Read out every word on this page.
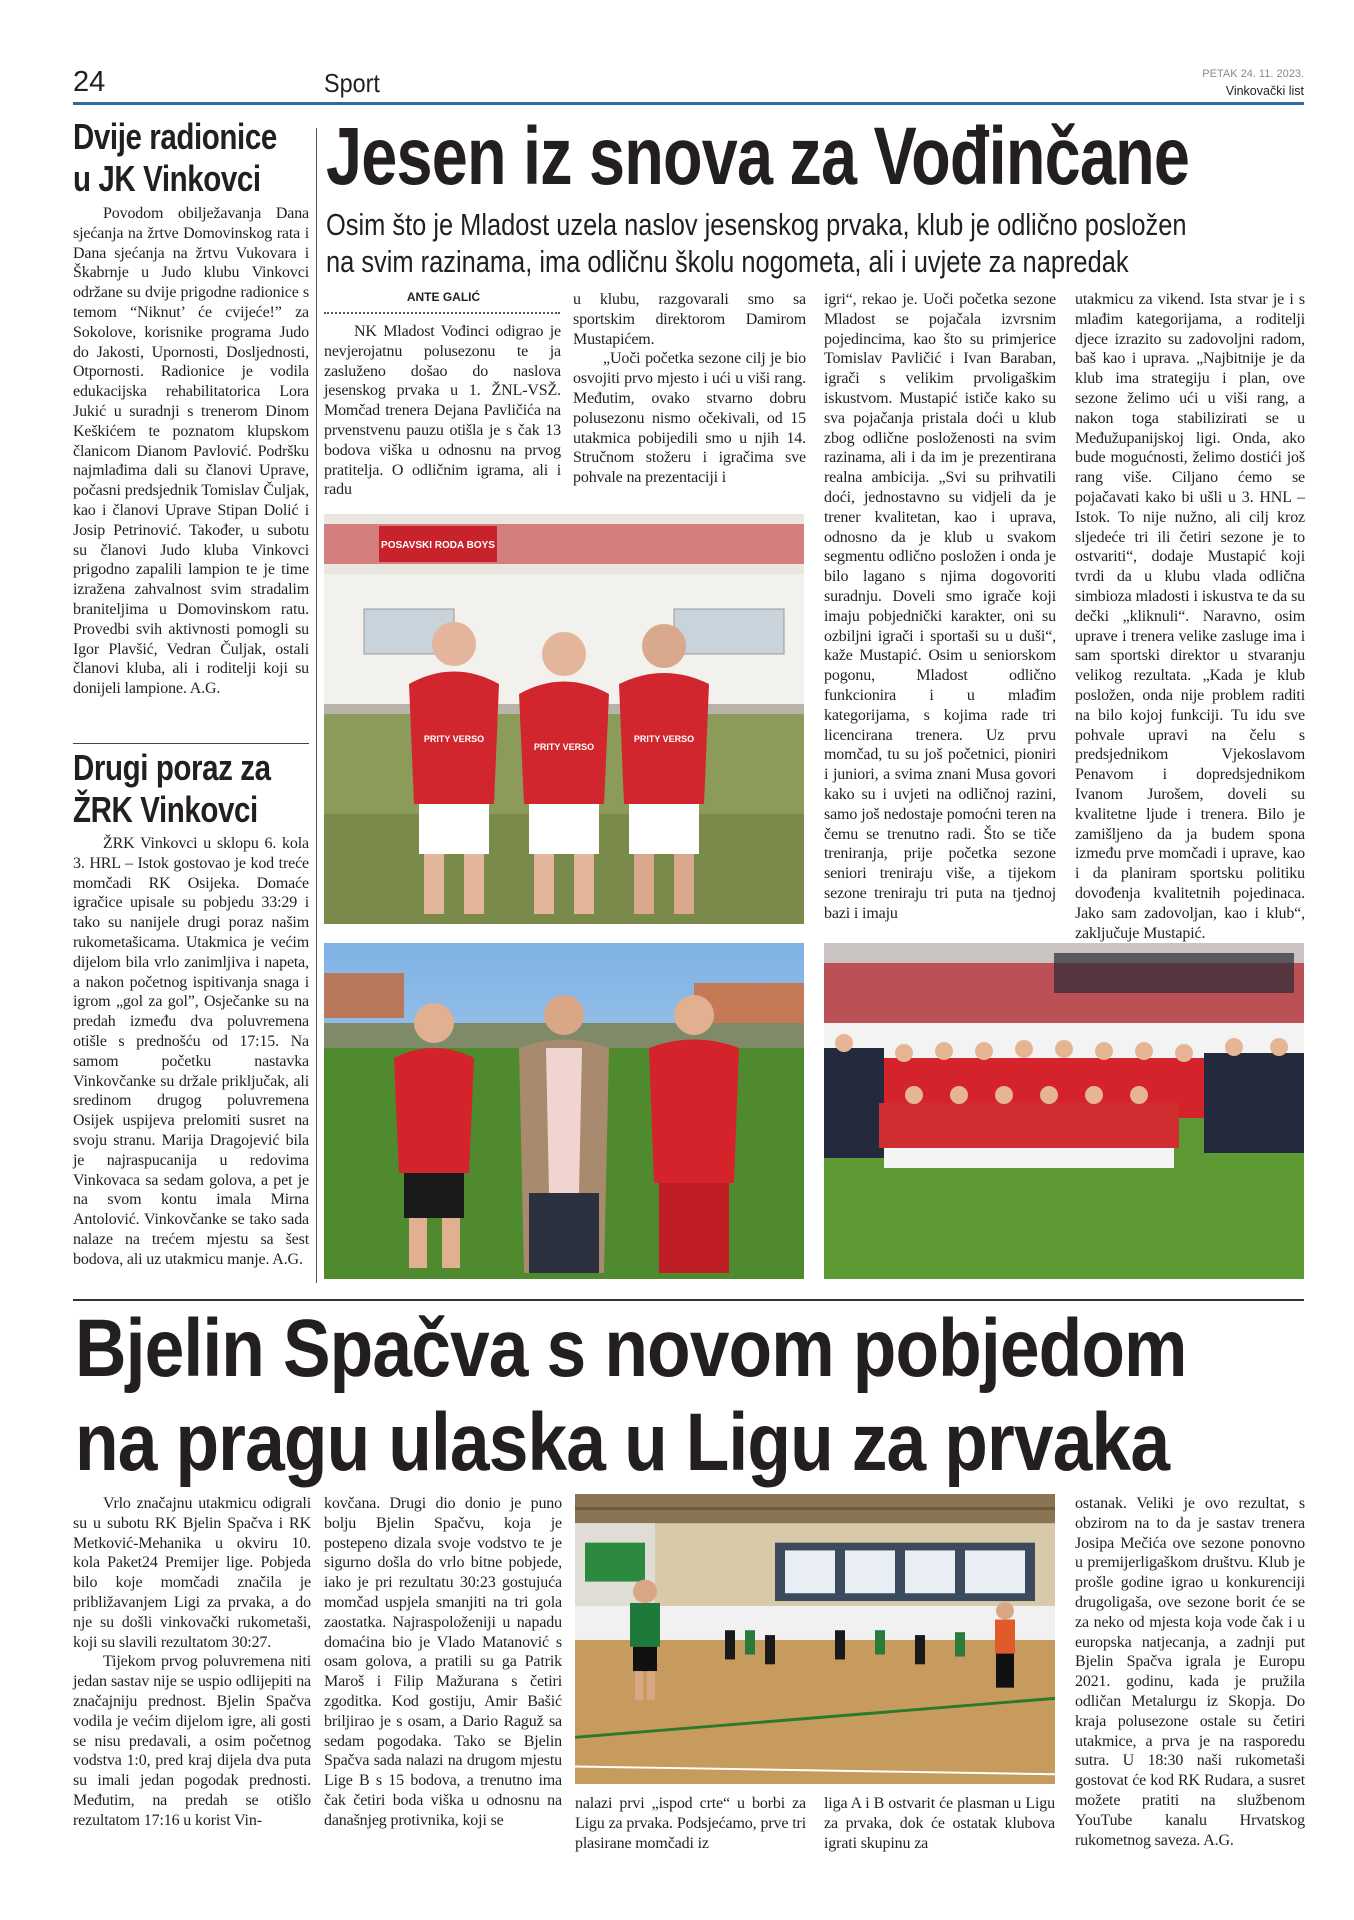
24	Sport	PETAK 24. 11. 2023.
Vinkovački list
Dvije radionice
u JK Vinkovci

Povodom obilježavanja Dana sjećanja na žrtve Domovinskog rata i Dana sjećanja na žrtvu Vukovara i Škabrnje u Judo klubu Vinkovci održane su dvije prigodne radionice s temom “Niknut’ će cvijeće!” za Sokolove, korisnike programa Judo do Jakosti, Upornosti, Dosljednosti, Otpornosti. Radionice je vodila edukacijska rehabilitatorica Lora Jukić u suradnji s trenerom Dinom Keškićem te poznatom klupskom članicom Dianom Pavlović. Podršku najmlađima dali su članovi Uprave, počasni predsjednik Tomislav Čuljak, kao i članovi Uprave Stipan Dolić i Josip Petrinović. Također, u subotu su članovi Judo kluba Vinkovci prigodno zapalili lampion te je time izražena zahvalnost svim stradalim braniteljima u Domovinskom ratu. Provedbi svih aktivnosti pomogli su Igor Plavšić, Vedran Čuljak, ostali članovi kluba, ali i roditelji koji su donijeli lampione. A.G.

Drugi poraz za
ŽRK Vinkovci

ŽRK Vinkovci u sklopu 6. kola 3. HRL – Istok gostovao je kod treće momčadi RK Osijeka. Domaće igračice upisale su pobjedu 33:29 i tako su nanijele drugi poraz našim rukometašicama. Utakmica je većim dijelom bila vrlo zanimljiva i napeta, a nakon početnog ispitivanja snaga i igrom „gol za gol”, Osječanke su na predah između dva poluvremena otišle s prednošću od 17:15. Na samom početku nastavka Vinkovčanke su držale priključak, ali sredinom drugog poluvremena Osijek uspijeva prelomiti susret na svoju stranu. Marija Dragojević bila je najraspucanija u redovima Vinkovaca sa sedam golova, a pet je na svom kontu imala Mirna Antolović. Vinkovčanke se tako sada nalaze na trećem mjestu sa šest bodova, ali uz utakmicu manje. A.G.

Jesen iz snova za Vođinčane
Osim što je Mladost uzela naslov jesenskog prvaka, klub je odlično posložen
na svim razinama, ima odličnu školu nogometa, ali i uvjete za napredak
ANTE GALIĆ

NK Mladost Vođinci odigrao je nevjerojatnu polusezonu te ja zasluženo došao do naslova jesenskog prvaka u 1. ŽNL-VSŽ. Momčad trenera Dejana Pavličića na prvenstvenu pauzu otišla je s čak 13 bodova viška u odnosnu na prvog pratitelja. O odličnim igrama, ali i radu

u klubu, razgovarali smo sa sportskim direktorom Damirom Mustapićem.

„Uoči početka sezone cilj je bio osvojiti prvo mjesto i ući u viši rang. Međutim, ovako stvarno dobru polusezonu nismo očekivali, od 15 utakmica pobijedili smo u njih 14. Stručnom stožeru i igračima sve pohvale na prezentaciji i

igri“, rekao je. Uoči početka sezone Mladost se pojačala izvrsnim pojedincima, kao što su primjerice Tomislav Pavličić i Ivan Baraban, igrači s velikim prvoligaškim iskustvom. Mustapić ističe kako su sva pojačanja pristala doći u klub zbog odlične posloženosti na svim razinama, ali i da im je prezentirana realna ambicija. „Svi su prihvatili doći, jednostavno su vidjeli da je trener kvalitetan, kao i uprava, odnosno da je klub u svakom segmentu odlično posložen i onda je bilo lagano s njima dogovoriti suradnju. Doveli smo igrače koji imaju pobjednički karakter, oni su ozbiljni igrači i sportaši su u duši“, kaže Mustapić. Osim u seniorskom pogonu, Mladost odlično funkcionira i u mlađim kategorijama, s kojima rade tri licencirana trenera. Uz prvu momčad, tu su još početnici, pioniri i juniori, a svima znani Musa govori kako su i uvjeti na odličnoj razini, samo još nedostaje pomoćni teren na čemu se trenutno radi. Što se tiče treniranja, prije početka sezone seniori treniraju više, a tijekom sezone treniraju tri puta na tjednoj bazi i imaju

utakmicu za vikend. Ista stvar je i s mlađim kategorijama, a roditelji djece izrazito su zadovoljni radom, baš kao i uprava. „Najbitnije je da klub ima strategiju i plan, ove sezone želimo ući u viši rang, a nakon toga stabilizirati se u Međužupanijskoj ligi. Onda, ako bude mogućnosti, želimo dostići još rang više. Ciljano ćemo se pojačavati kako bi ušli u 3. HNL – Istok. To nije nužno, ali cilj kroz sljedeće tri ili četiri sezone je to ostvariti“, dodaje Mustapić koji tvrdi da u klubu vlada odlična simbioza mladosti i iskustva te da su dečki „kliknuli“. Naravno, osim uprave i trenera velike zasluge ima i sam sportski direktor u stvaranju velikog rezultata. „Kada je klub posložen, onda nije problem raditi na bilo kojoj funkciji. Tu idu sve pohvale upravi na čelu s predsjednikom Vjekoslavom Penavom i dopredsjednikom Ivanom Jurošem, doveli su kvalitetne ljude i trenera. Bilo je zamišljeno da ja budem spona između prve momčadi i uprave, kao i da planiram sportsku politiku dovođenja kvalitetnih pojedinaca. Jako sam zadovoljan, kao i klub“, zaključuje Mustapić.

POSAVSKI RODA BOYS
PRITY VERSO
PRITY VERSO
PRITY VERSO
Bjelin Spačva s novom pobjedom
na pragu ulaska u Ligu za prvaka

Vrlo značajnu utakmicu odigrali su u subotu RK Bjelin Spačva i RK Metković-Mehanika u okviru 10. kola Paket24 Premijer lige. Pobjeda bilo koje momčadi značila je približavanjem Ligi za prvaka, a do nje su došli vinkovački rukometaši, koji su slavili rezultatom 30:27.

Tijekom prvog poluvremena niti jedan sastav nije se uspio odlijepiti na značajniju prednost. Bjelin Spačva vodila je većim dijelom igre, ali gosti se nisu predavali, a osim početnog vodstva 1:0, pred kraj dijela dva puta su imali jedan pogodak prednosti. Međutim, na predah se otišlo rezultatom 17:16 u korist Vin-

kovčana. Drugi dio donio je puno bolju Bjelin Spačvu, koja je postepeno dizala svoje vodstvo te je sigurno došla do vrlo bitne pobjede, iako je pri rezultatu 30:23 gostujuća momčad uspjela smanjiti na tri gola zaostatka. Najraspoloženiji u napadu domaćina bio je Vlado Matanović s osam golova, a pratili su ga Patrik Maroš i Filip Mažurana s četiri zgoditka. Kod gostiju, Amir Bašić briljirao je s osam, a Dario Raguž sa sedam pogodaka. Tako se Bjelin Spačva sada nalazi na drugom mjestu Lige B s 15 bodova, a trenutno ima čak četiri boda viška u odnosnu na današnjeg protivnika, koji se

nalazi prvi „ispod crte“ u borbi za Ligu za prvaka. Podsjećamo, prve tri plasirane momčadi iz

liga A i B ostvarit će plasman u Ligu za prvaka, dok će ostatak klubova igrati skupinu za

ostanak. Veliki je ovo rezultat, s obzirom na to da je sastav trenera Josipa Mečića ove sezone ponovno u premijerligaškom društvu. Klub je prošle godine igrao u konkurenciji drugoligaša, ove sezone borit će se za neko od mjesta koja vode čak i u europska natjecanja, a zadnji put Bjelin Spačva igrala je Europu 2021. godinu, kada je pružila odličan Metalurgu iz Skopja. Do kraja polusezone ostale su četiri utakmice, a prva je na rasporedu sutra. U 18:30 naši rukometaši gostovat će kod RK Rudara, a susret možete pratiti na službenom YouTube kanalu Hrvatskog rukometnog saveza. A.G.
